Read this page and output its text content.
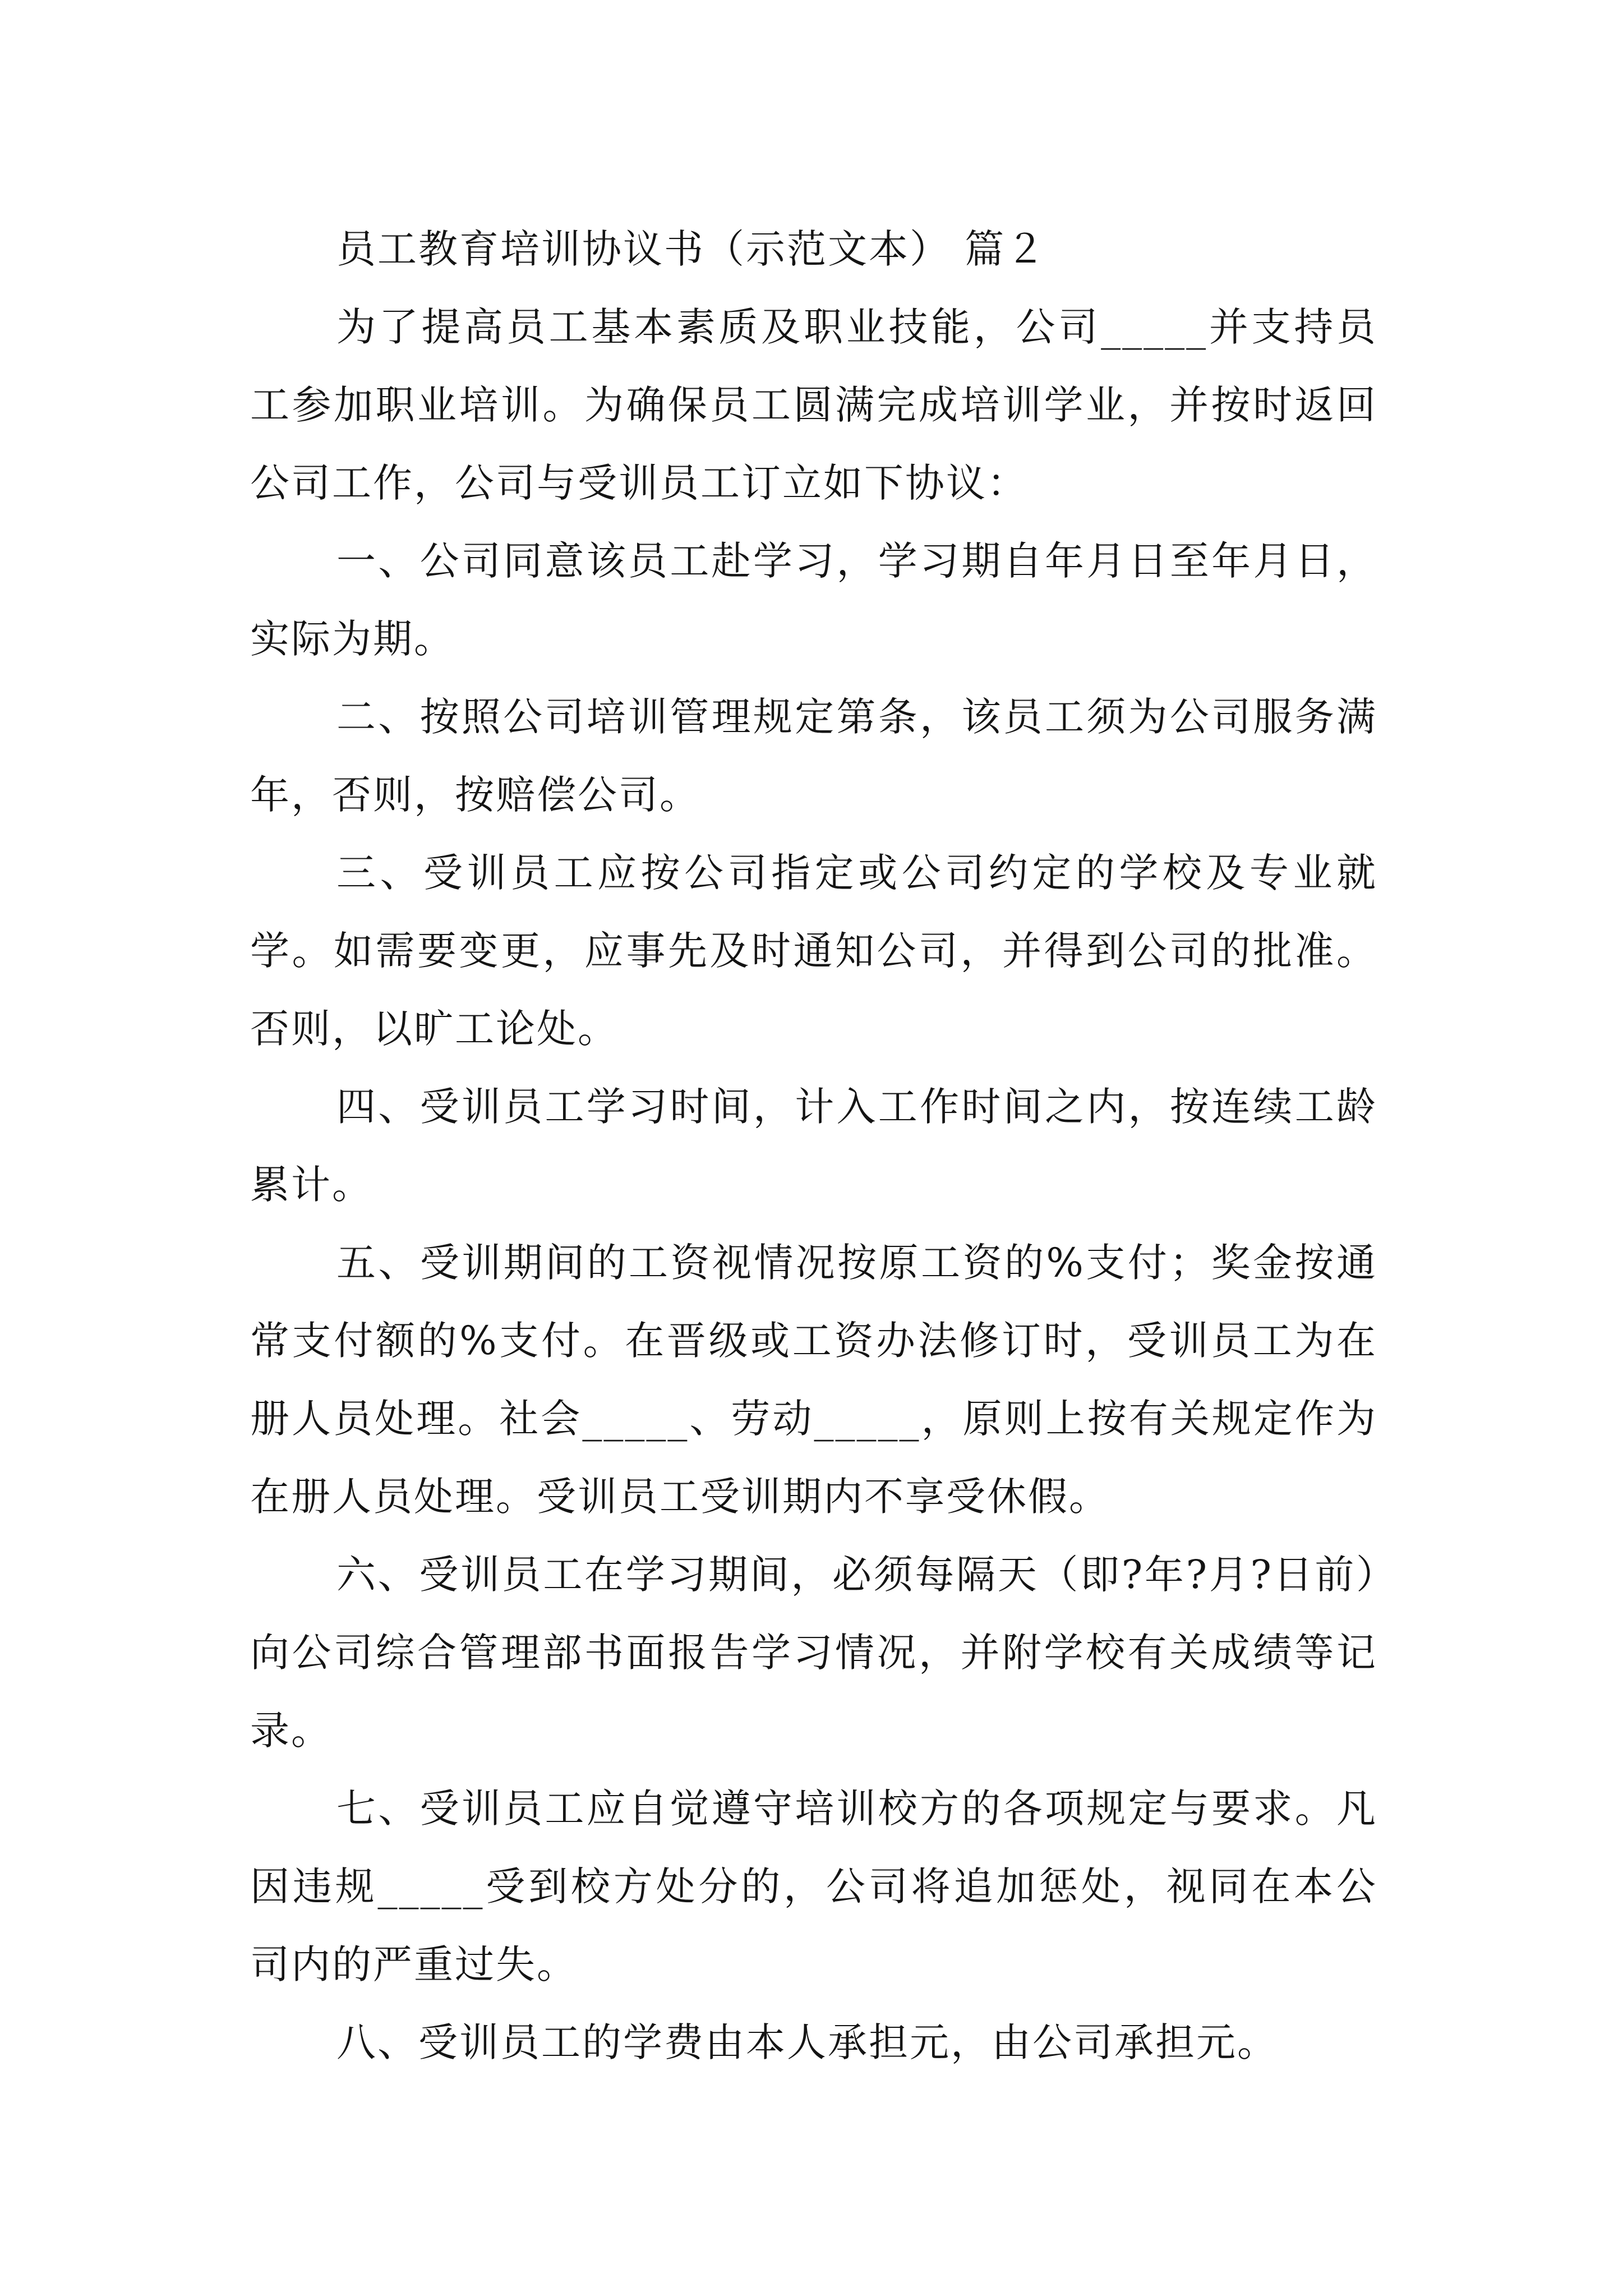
员工教育培训协议书（示范文本） 篇２

为了提高员工基本素质及职业技能，公司_____并支持员工参加职业培训。为确保员工圆满完成培训学业，并按时返回公司工作，公司与受训员工订立如下协议：

一、公司同意该员工赴学习，学习期自年月日至年月日，实际为期。

二、按照公司培训管理规定第条，该员工须为公司服务满年，否则，按赔偿公司。

三、受训员工应按公司指定或公司约定的学校及专业就学。如需要变更，应事先及时通知公司，并得到公司的批准。否则，以旷工论处。

四、受训员工学习时间，计入工作时间之内，按连续工龄累计。

五、受训期间的工资视情况按原工资的%支付；奖金按通常支付额的%支付。在晋级或工资办法修订时，受训员工为在册人员处理。社会_____、劳动_____，原则上按有关规定作为在册人员处理。受训员工受训期内不享受休假。

六、受训员工在学习期间，必须每隔天（即?年?月?日前）向公司综合管理部书面报告学习情况，并附学校有关成绩等记录。

七、受训员工应自觉遵守培训校方的各项规定与要求。凡因违规_____受到校方处分的，公司将追加惩处，视同在本公司内的严重过失。

八、受训员工的学费由本人承担元，由公司承担元。
